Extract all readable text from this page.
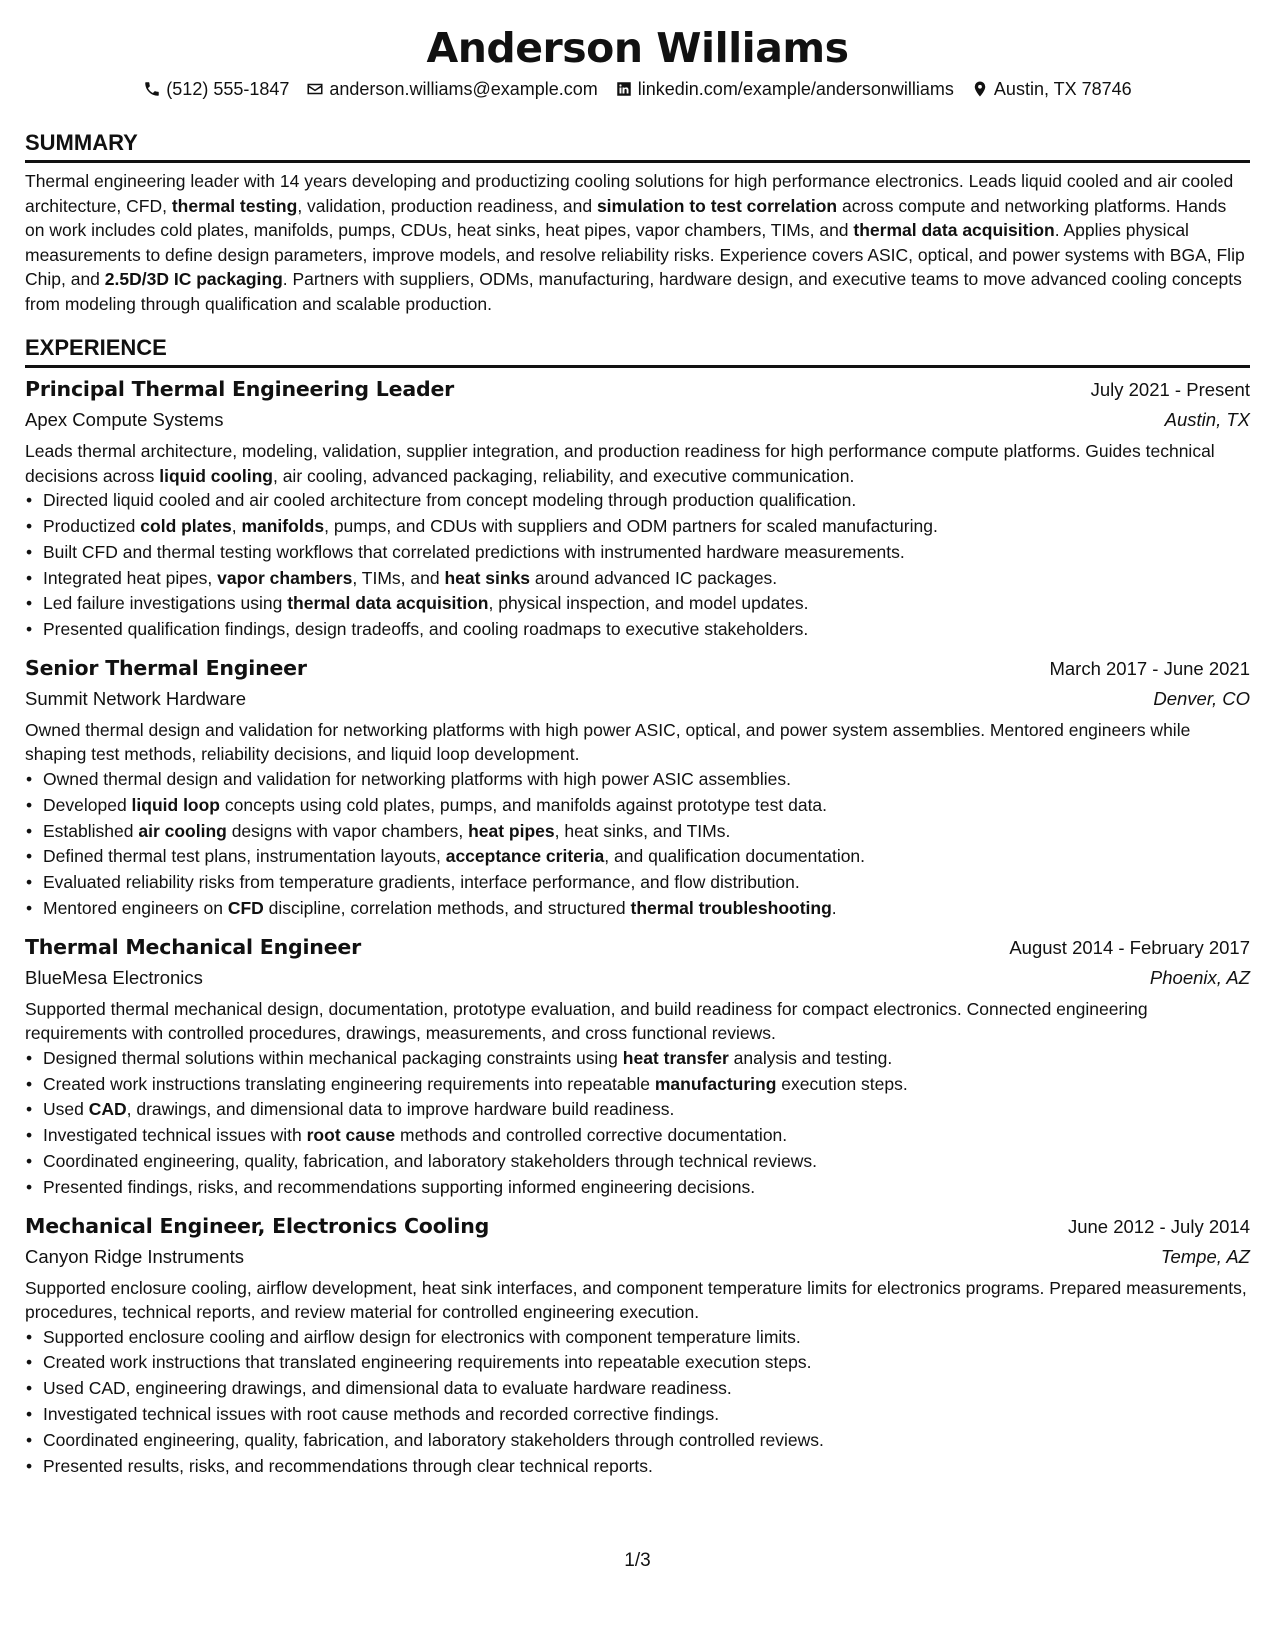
Anderson Williams
(512) 555-1847 anderson.williams@example.com linkedin.com/example/andersonwilliams Austin, TX 78746
SUMMARY

Thermal engineering leader with 14 years developing and productizing cooling solutions for high performance electronics. Leads liquid cooled and air cooled architecture, CFD, thermal testing, validation, production readiness, and simulation to test correlation across compute and networking platforms. Hands on work includes cold plates, manifolds, pumps, CDUs, heat sinks, heat pipes, vapor chambers, TIMs, and thermal data acquisition. Applies physical measurements to define design parameters, improve models, and resolve reliability risks. Experience covers ASIC, optical, and power systems with BGA, Flip Chip, and 2.5D/3D IC packaging. Partners with suppliers, ODMs, manufacturing, hardware design, and executive teams to move advanced cooling concepts from modeling through qualification and scalable production.

EXPERIENCE
Principal Thermal Engineering Leader	July 2021 - Present
Apex Compute Systems	Austin, TX

Leads thermal architecture, modeling, validation, supplier integration, and production readiness for high performance compute platforms. Guides technical decisions across liquid cooling, air cooling, advanced packaging, reliability, and executive communication.

• Directed liquid cooled and air cooled architecture from concept modeling through production qualification.
• Productized cold plates, manifolds, pumps, and CDUs with suppliers and ODM partners for scaled manufacturing.
• Built CFD and thermal testing workflows that correlated predictions with instrumented hardware measurements.
• Integrated heat pipes, vapor chambers, TIMs, and heat sinks around advanced IC packages.
• Led failure investigations using thermal data acquisition, physical inspection, and model updates.
• Presented qualification findings, design tradeoffs, and cooling roadmaps to executive stakeholders.
Senior Thermal Engineer	March 2017 - June 2021
Summit Network Hardware	Denver, CO

Owned thermal design and validation for networking platforms with high power ASIC, optical, and power system assemblies. Mentored engineers while shaping test methods, reliability decisions, and liquid loop development.

• Owned thermal design and validation for networking platforms with high power ASIC assemblies.
• Developed liquid loop concepts using cold plates, pumps, and manifolds against prototype test data.
• Established air cooling designs with vapor chambers, heat pipes, heat sinks, and TIMs.
• Defined thermal test plans, instrumentation layouts, acceptance criteria, and qualification documentation.
• Evaluated reliability risks from temperature gradients, interface performance, and flow distribution.
• Mentored engineers on CFD discipline, correlation methods, and structured thermal troubleshooting.
Thermal Mechanical Engineer	August 2014 - February 2017
BlueMesa Electronics	Phoenix, AZ

Supported thermal mechanical design, documentation, prototype evaluation, and build readiness for compact electronics. Connected engineering requirements with controlled procedures, drawings, measurements, and cross functional reviews.

• Designed thermal solutions within mechanical packaging constraints using heat transfer analysis and testing.
• Created work instructions translating engineering requirements into repeatable manufacturing execution steps.
• Used CAD, drawings, and dimensional data to improve hardware build readiness.
• Investigated technical issues with root cause methods and controlled corrective documentation.
• Coordinated engineering, quality, fabrication, and laboratory stakeholders through technical reviews.
• Presented findings, risks, and recommendations supporting informed engineering decisions.
Mechanical Engineer, Electronics Cooling	June 2012 - July 2014
Canyon Ridge Instruments	Tempe, AZ

Supported enclosure cooling, airflow development, heat sink interfaces, and component temperature limits for electronics programs. Prepared measurements, procedures, technical reports, and review material for controlled engineering execution.

• Supported enclosure cooling and airflow design for electronics with component temperature limits.
• Created work instructions that translated engineering requirements into repeatable execution steps.
• Used CAD, engineering drawings, and dimensional data to evaluate hardware readiness.
• Investigated technical issues with root cause methods and recorded corrective findings.
• Coordinated engineering, quality, fabrication, and laboratory stakeholders through controlled reviews.
• Presented results, risks, and recommendations through clear technical reports.
1/3
